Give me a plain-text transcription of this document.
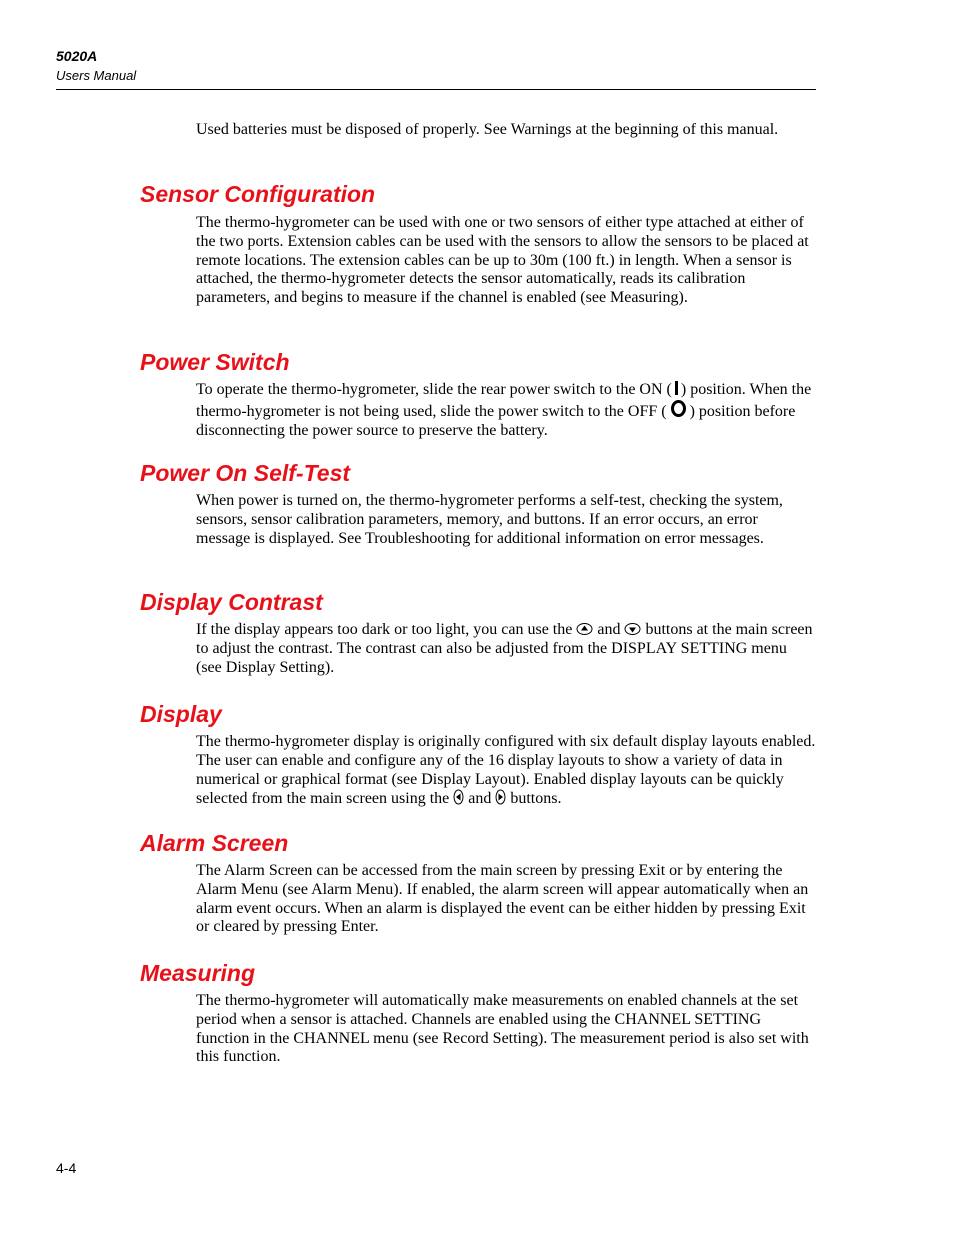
5020A
Users Manual

Used batteries must be disposed of properly. See Warnings at the beginning of this manual.

Sensor Configuration

The thermo-hygrometer can be used with one or two sensors of either type attached at either of the two ports. Extension cables can be used with the sensors to allow the sensors to be placed at remote locations. The extension cables can be up to 30m (100 ft.) in length. When a sensor is attached, the thermo-hygrometer detects the sensor automatically, reads its calibration parameters, and begins to measure if the channel is enabled (see Measuring).

Power Switch

To operate the thermo-hygrometer, slide the rear power switch to the ON ( ) position. When the thermo-hygrometer is not being used, slide the power switch to the OFF ( ) position before disconnecting the power source to preserve the battery.

Power On Self-Test

When power is turned on, the thermo-hygrometer performs a self-test, checking the system, sensors, sensor calibration parameters, memory, and buttons. If an error occurs, an error message is displayed. See Troubleshooting for additional information on error messages.

Display Contrast

If the display appears too dark or too light, you can use the  and  buttons at the main screen to adjust the contrast. The contrast can also be adjusted from the DISPLAY SETTING menu (see Display Setting).

Display

The thermo-hygrometer display is originally configured with six default display layouts enabled. The user can enable and configure any of the 16 display layouts to show a variety of data in numerical or graphical format (see Display Layout). Enabled display layouts can be quickly selected from the main screen using the  and  buttons.

Alarm Screen

The Alarm Screen can be accessed from the main screen by pressing Exit or by entering the Alarm Menu (see Alarm Menu). If enabled, the alarm screen will appear automatically when an alarm event occurs. When an alarm is displayed the event can be either hidden by pressing Exit or cleared by pressing Enter.

Measuring

The thermo-hygrometer will automatically make measurements on enabled channels at the set period when a sensor is attached. Channels are enabled using the CHANNEL SETTING function in the CHANNEL menu (see Record Setting). The measurement period is also set with this function.

4-4
